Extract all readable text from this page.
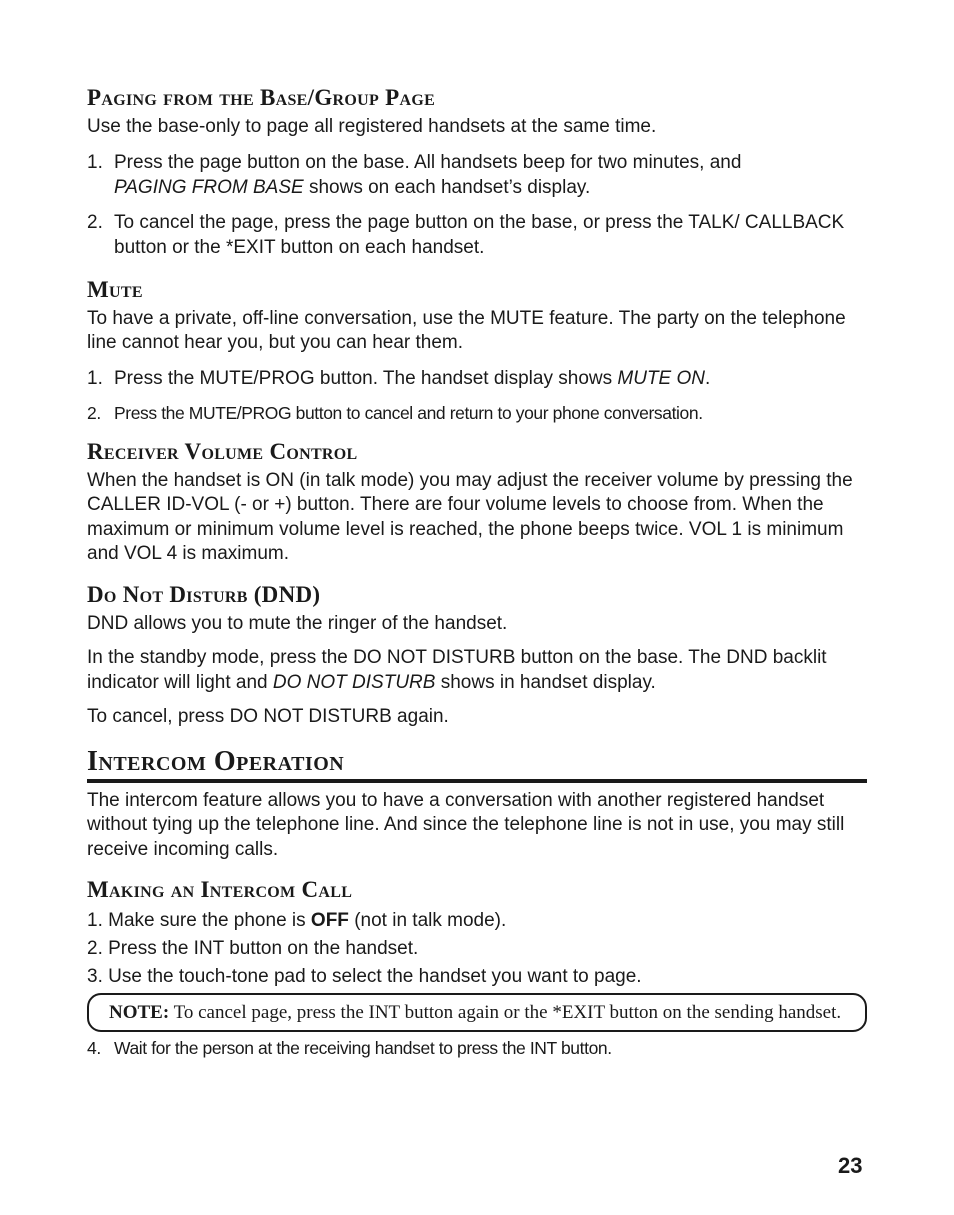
Paging from the Base/Group Page

Use the base-only to page all registered handsets at the same time.

1. Press the page button on the base. All handsets beep for two minutes, and
PAGING FROM BASE shows on each handset’s display.
2. To cancel the page, press the page button on the base, or press the TALK/ CALLBACK button or the *EXIT button on each handset.
Mute

To have a private, off-line conversation, use the MUTE feature. The party on the telephone line cannot hear you, but you can hear them.

1. Press the MUTE/PROG button. The handset display shows MUTE ON.
2. Press the MUTE/PROG button to cancel and return to your phone conversation.
Receiver Volume Control

When the handset is ON (in talk mode) you may adjust the receiver volume by pressing the CALLER ID-VOL (- or +) button. There are four volume levels to choose from. When the maximum or minimum volume level is reached, the phone beeps twice. VOL 1 is minimum and VOL 4 is maximum.

Do Not Disturb (DND)

DND allows you to mute the ringer of the handset.

In the standby mode, press the DO NOT DISTURB button on the base. The DND backlit indicator will light and DO NOT DISTURB shows in handset display.

To cancel, press DO NOT DISTURB again.

Intercom Operation

The intercom feature allows you to have a conversation with another registered handset without tying up the telephone line. And since the telephone line is not in use, you may still receive incoming calls.

Making an Intercom Call
1. Make sure the phone is OFF (not in talk mode).
2. Press the INT button on the handset.
3. Use the touch-tone pad to select the handset you want to page.
NOTE: To cancel page, press the INT button again or the *EXIT button on the sending handset.
4. Wait for the person at the receiving handset to press the INT button.
23
